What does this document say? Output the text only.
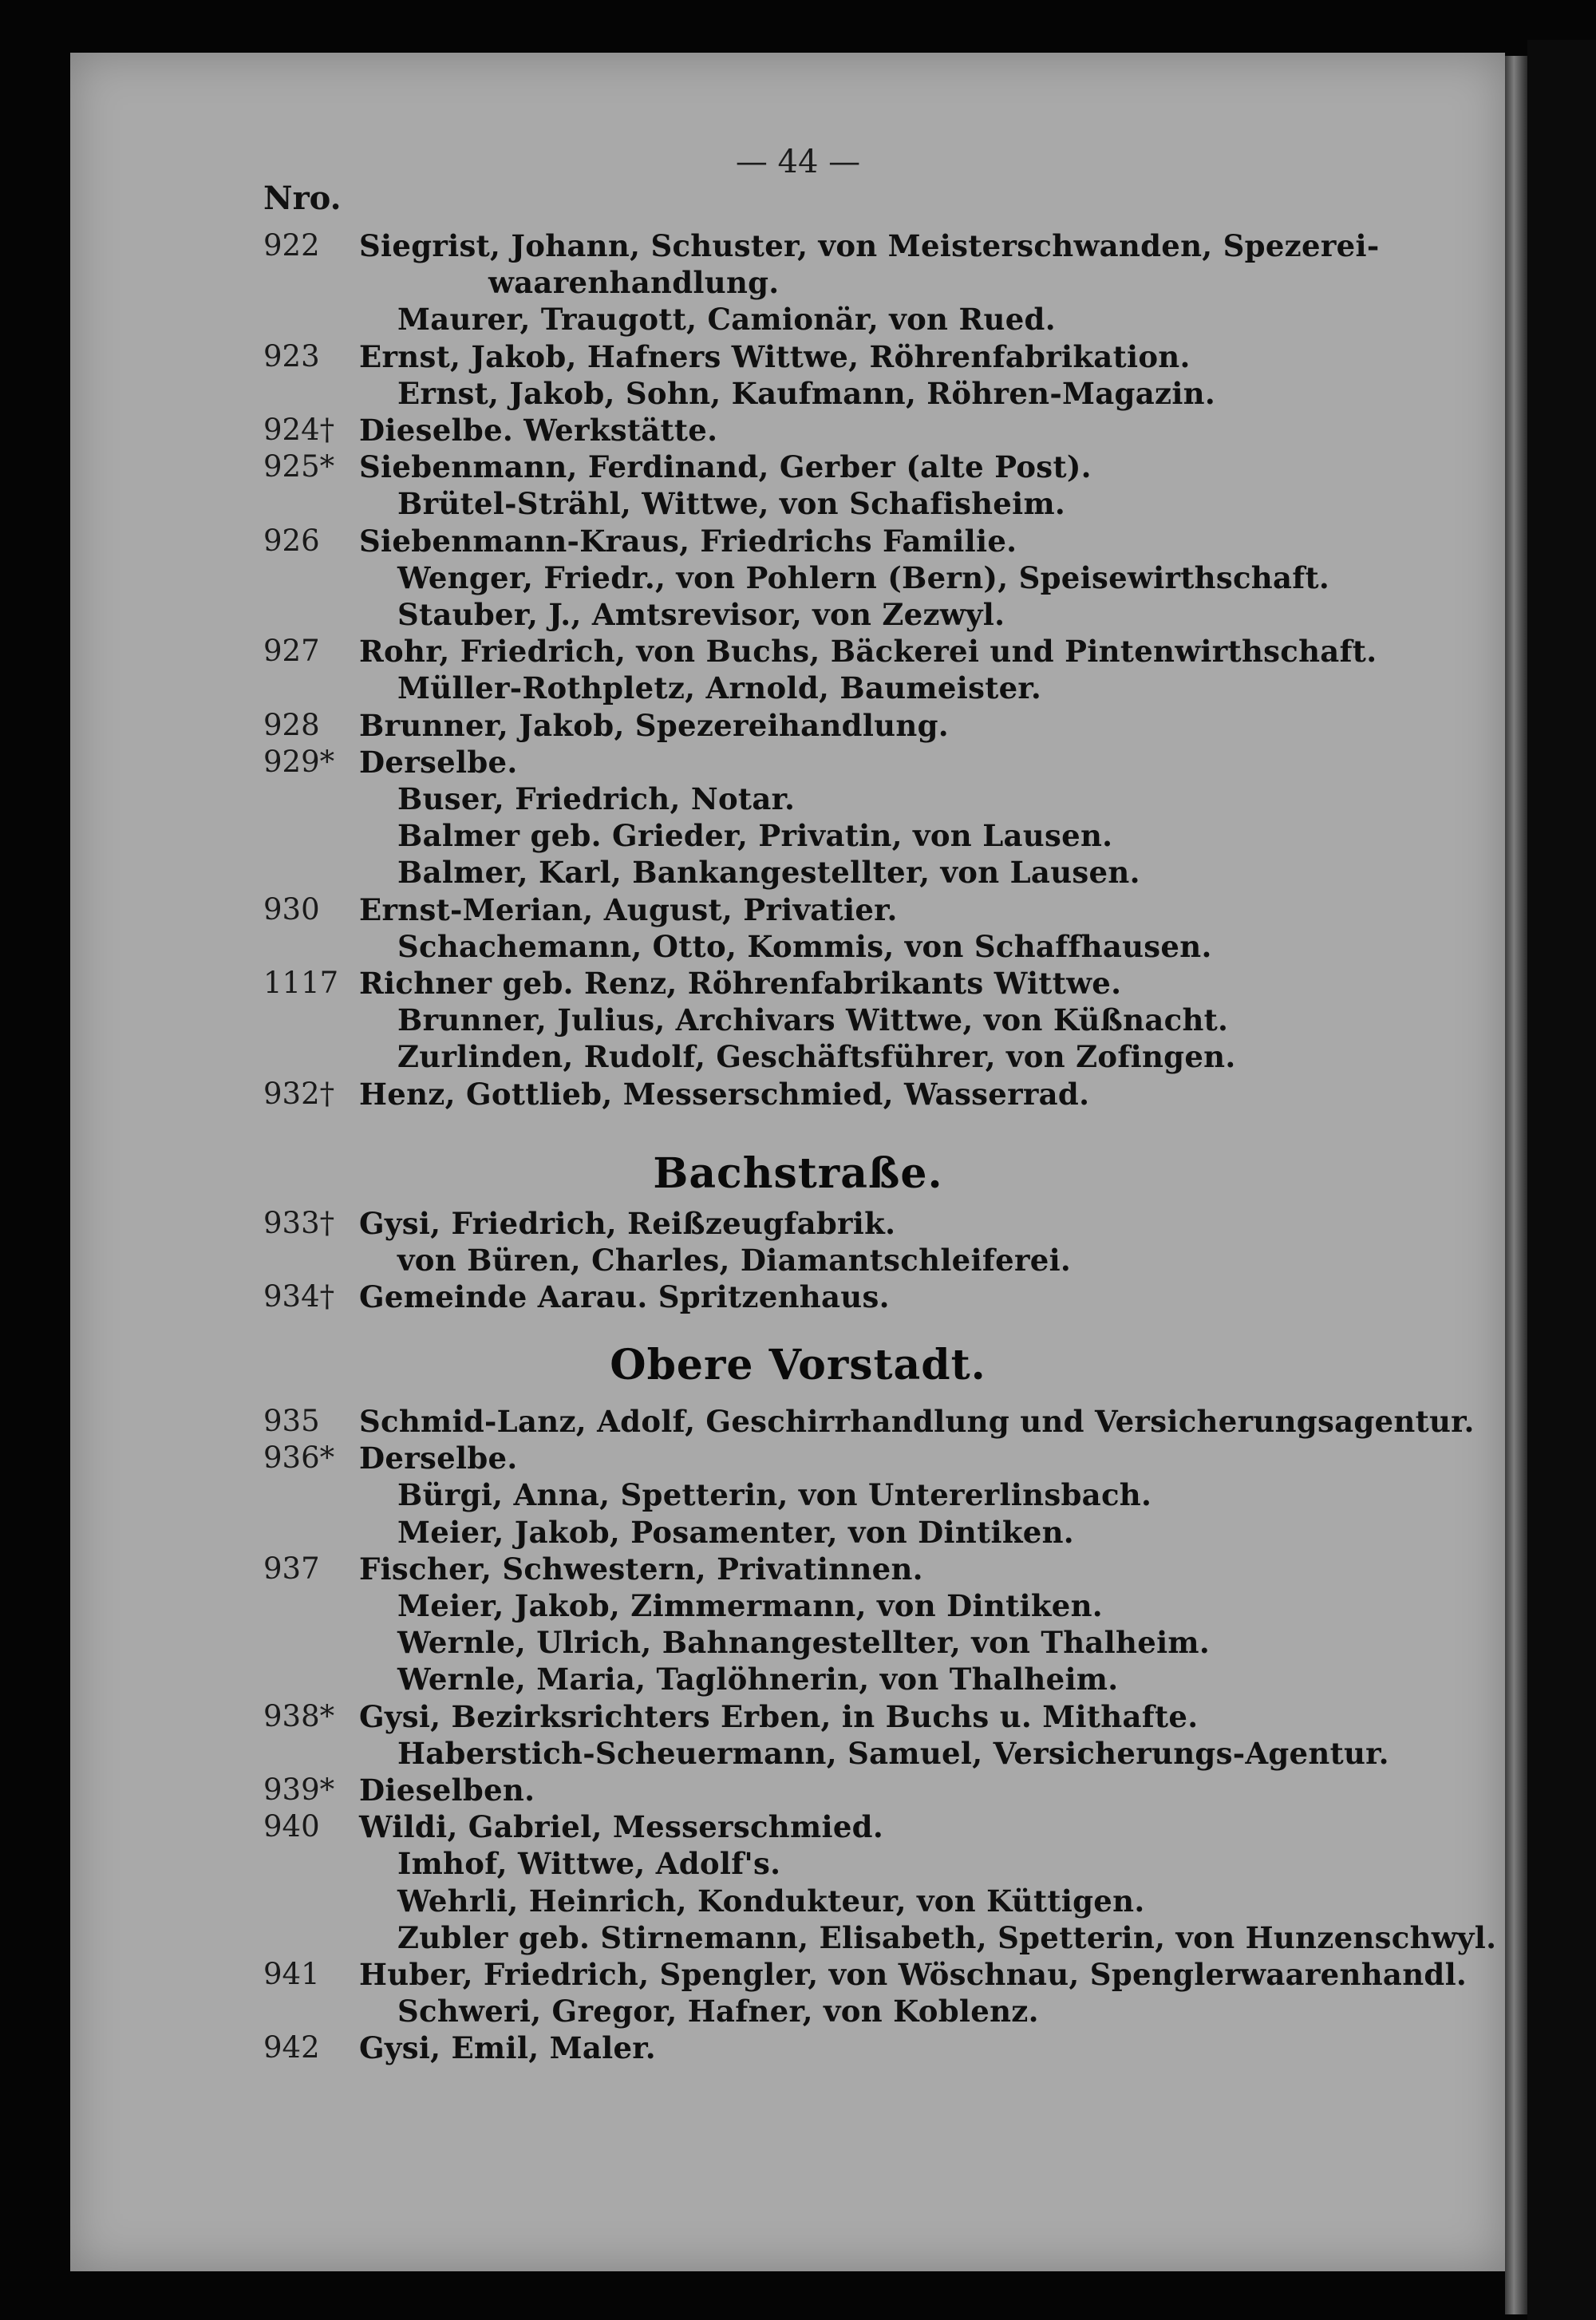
— 44 —
Nro.
922	Siegrist, Johann, Schuster, von Meisterschwanden, Spezerei-
waarenhandlung.
Maurer, Traugott, Camionär, von Rued.
923	Ernst, Jakob, Hafners Wittwe, Röhrenfabrikation.
Ernst, Jakob, Sohn, Kaufmann, Röhren-Magazin.
924† Dieselbe. Werkstätte.
925* Siebenmann, Ferdinand, Gerber (alte Post).
Brütel-Strähl, Wittwe, von Schafisheim.
926	Siebenmann-Kraus, Friedrichs Familie.
Wenger, Friedr., von Pohlern (Bern), Speisewirthschaft.
Stauber, J., Amtsrevisor, von Zezwyl.
927	Rohr, Friedrich, von Buchs, Bäckerei und Pintenwirthschaft.
Müller-Rothpletz, Arnold, Baumeister.
928	Brunner, Jakob, Spezereihandlung.
929* Derselbe.
Buser, Friedrich, Notar.
Balmer geb. Grieder, Privatin, von Lausen.
Balmer, Karl, Bankangestellter, von Lausen.
930	Ernst-Merian, August, Privatier.
Schachemann, Otto, Kommis, von Schaffhausen.
1117 Richner geb. Renz, Röhrenfabrikants Wittwe.
Brunner, Julius, Archivars Wittwe, von Küßnacht.
Zurlinden, Rudolf, Geschäftsführer, von Zofingen.
932† Henz, Gottlieb, Messerschmied, Wasserrad.
Bachstraße.
933† Gysi, Friedrich, Reißzeugfabrik.
von Büren, Charles, Diamantschleiferei.
934† Gemeinde Aarau. Spritzenhaus.
Obere Vorstadt.
935	Schmid-Lanz, Adolf, Geschirrhandlung und Versicherungsagentur.
936* Derselbe.
Bürgi, Anna, Spetterin, von Untererlinsbach.
Meier, Jakob, Posamenter, von Dintiken.
937	Fischer, Schwestern, Privatinnen.
Meier, Jakob, Zimmermann, von Dintiken.
Wernle, Ulrich, Bahnangestellter, von Thalheim.
Wernle, Maria, Taglöhnerin, von Thalheim.
938* Gysi, Bezirksrichters Erben, in Buchs u. Mithafte.
Haberstich-Scheuermann, Samuel, Versicherungs-Agentur.
939* Dieselben.
940	Wildi, Gabriel, Messerschmied.
Imhof, Wittwe, Adolf's.
Wehrli, Heinrich, Kondukteur, von Küttigen.
Zubler geb. Stirnemann, Elisabeth, Spetterin, von Hunzenschwyl.
941	Huber, Friedrich, Spengler, von Wöschnau, Spenglerwaarenhandl.
Schweri, Gregor, Hafner, von Koblenz.
942	Gysi, Emil, Maler.
